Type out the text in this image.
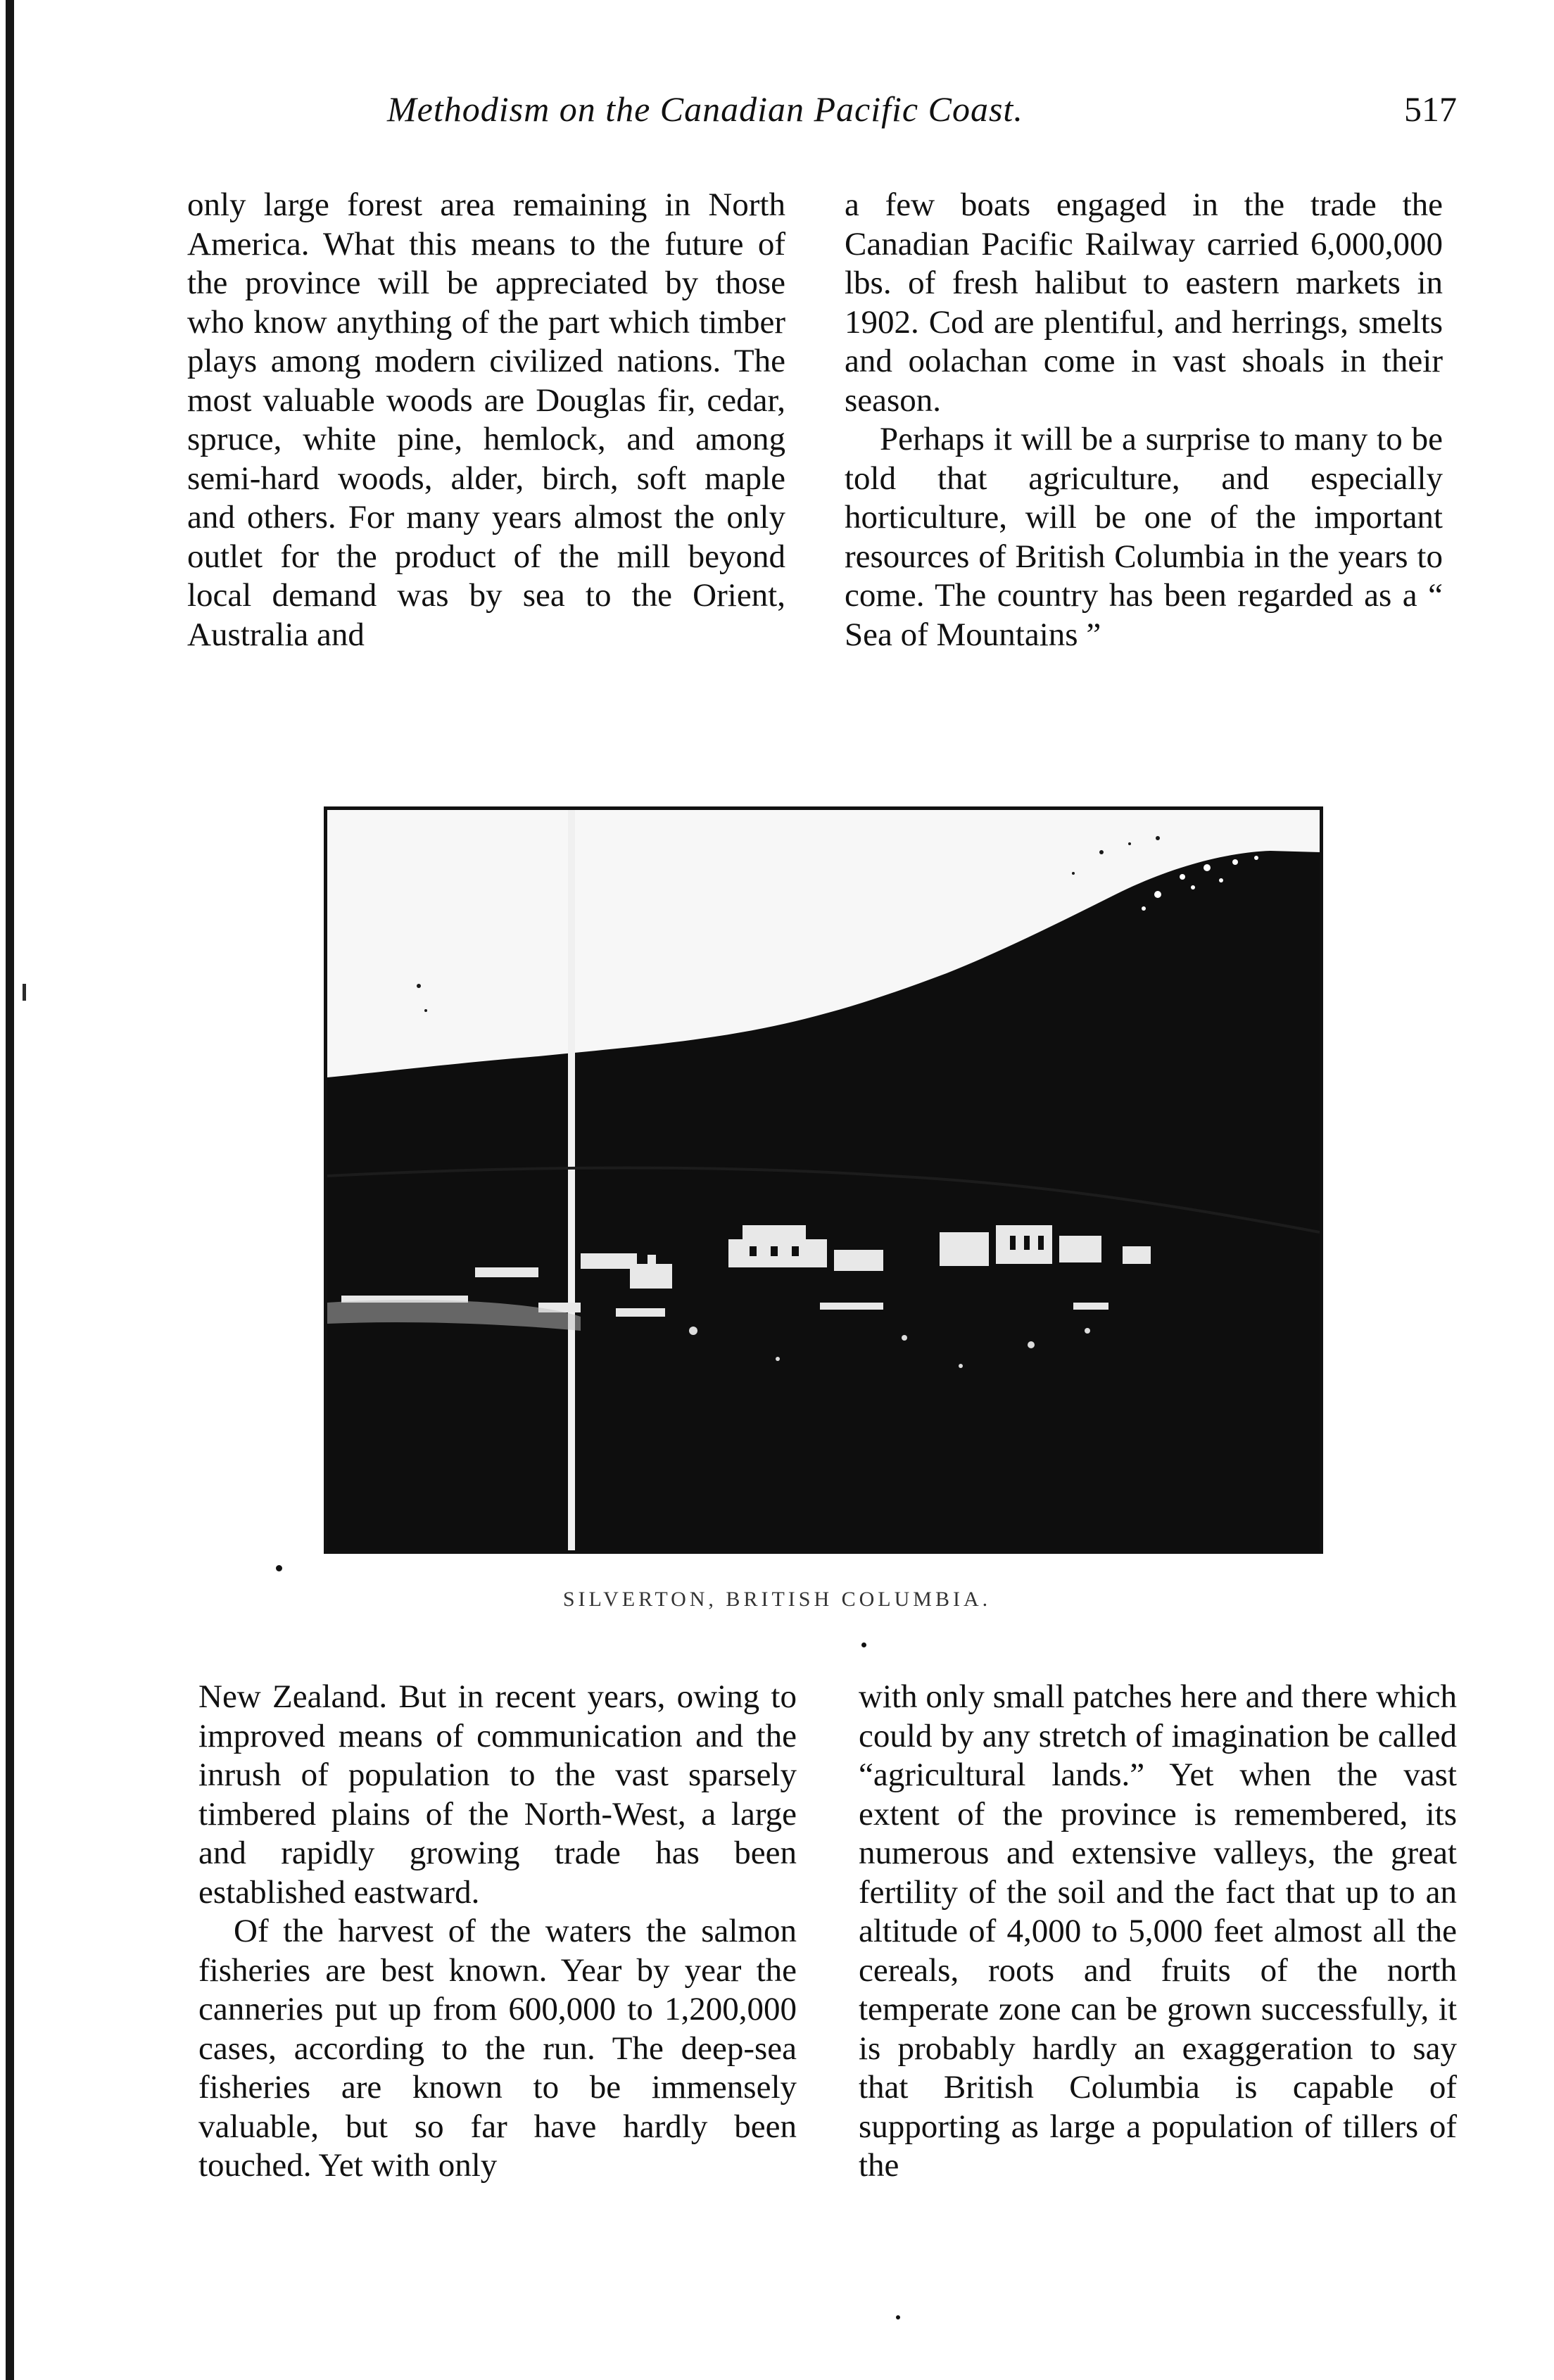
Methodism on the Canadian Pacific Coast.	517

only large forest area remaining in North America. What this means to the future of the province will be appreciated by those who know anything of the part which timber plays among modern civilized nations. The most valuable woods are Douglas fir, cedar, spruce, white pine, hemlock, and among semi-hard woods, alder, birch, soft maple and others. For many years almost the only outlet for the product of the mill beyond local demand was by sea to the Orient, Australia and

a few boats engaged in the trade the Canadian Pacific Railway carried 6,000,000 lbs. of fresh halibut to eastern markets in 1902. Cod are plentiful, and herrings, smelts and oolachan come in vast shoals in their season.

Perhaps it will be a surprise to many to be told that agriculture, and especially horticulture, will be one of the important resources of British Columbia in the years to come. The country has been regarded as a “ Sea of Mountains ”

SILVERTON, BRITISH COLUMBIA.

New Zealand. But in recent years, owing to improved means of communication and the inrush of population to the vast sparsely timbered plains of the North-West, a large and rapidly growing trade has been established eastward.

Of the harvest of the waters the salmon fisheries are best known. Year by year the canneries put up from 600,000 to 1,200,000 cases, according to the run. The deep-sea fisheries are known to be immensely valuable, but so far have hardly been touched. Yet with only

with only small patches here and there which could by any stretch of imagination be called “agricultural lands.” Yet when the vast extent of the province is remembered, its numerous and extensive valleys, the great fertility of the soil and the fact that up to an altitude of 4,000 to 5,000 feet almost all the cereals, roots and fruits of the north temperate zone can be grown successfully, it is probably hardly an exaggeration to say that British Columbia is capable of supporting as large a population of tillers of the
